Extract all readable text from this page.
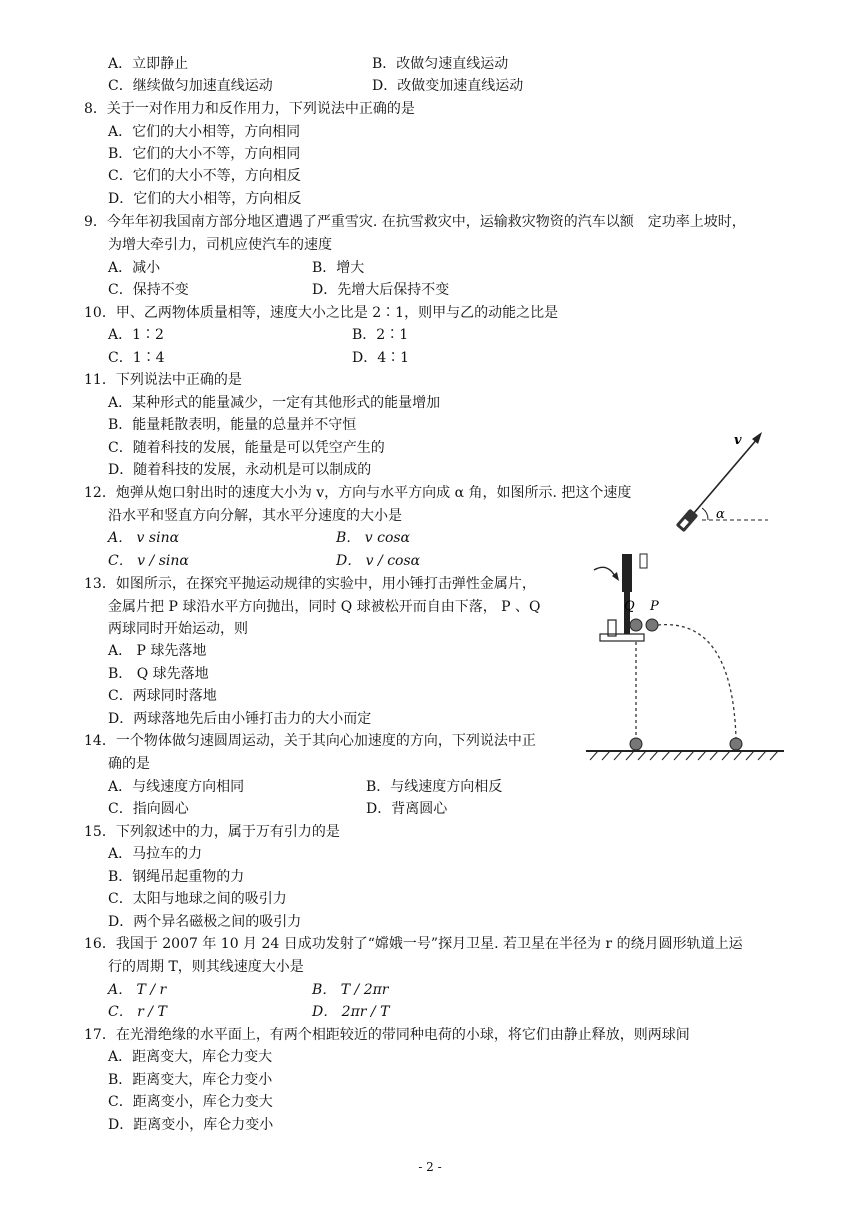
A．立即静止	B．改做匀速直线运动
C．继续做匀加速直线运动	D．改做变加速直线运动
8．关于一对作用力和反作用力，下列说法中正确的是
A．它们的大小相等，方向相同
B．它们的大小不等，方向相同
C．它们的大小不等，方向相反
D．它们的大小相等，方向相反
9．今年年初我国南方部分地区遭遇了严重雪灾. 在抗雪救灾中，运输救灾物资的汽车以额　定功率上坡时，
为增大牵引力，司机应使汽车的速度
A．减小	B．增大
C．保持不变	D．先增大后保持不变
10．甲、乙两物体质量相等，速度大小之比是 2∶1，则甲与乙的动能之比是
A．1∶2	B．2∶1
C．1∶4	D．4∶1
11．下列说法中正确的是
A．某种形式的能量减少，一定有其他形式的能量增加
B．能量耗散表明，能量的总量并不守恒
C．随着科技的发展，能量是可以凭空产生的
D．随着科技的发展，永动机是可以制成的
v
α
12．炮弹从炮口射出时的速度大小为 v，方向与水平方向成 α 角，如图所示. 把这个速度
沿水平和竖直方向分解，其水平分速度的大小是
A． v sinα	B． v cosα
C． v / sinα	D． v / cosα
Q P
13．如图所示，在探究平抛运动规律的实验中，用小锤打击弹性金属片，
金属片把 P 球沿水平方向抛出，同时 Q 球被松开而自由下落， P 、Q
两球同时开始运动，则
A． P 球先落地
B． Q 球先落地
C．两球同时落地
D．两球落地先后由小锤打击力的大小而定
14．一个物体做匀速圆周运动，关于其向心加速度的方向，下列说法中正
确的是
A．与线速度方向相同	B．与线速度方向相反
C．指向圆心	D．背离圆心
15．下列叙述中的力，属于万有引力的是
A．马拉车的力
B．钢绳吊起重物的力
C．太阳与地球之间的吸引力
D．两个异名磁极之间的吸引力
16．我国于 2007 年 10 月 24 日成功发射了“嫦娥一号”探月卫星. 若卫星在半径为 r 的绕月圆形轨道上运
行的周期 T，则其线速度大小是
A． T / r	B． T / 2πr
C． r / T	D． 2πr / T
17．在光滑绝缘的水平面上，有两个相距较近的带同种电荷的小球，将它们由静止释放，则两球间
A．距离变大，库仑力变大
B．距离变大，库仑力变小
C．距离变小，库仑力变大
D．距离变小，库仑力变小
- 2 -
